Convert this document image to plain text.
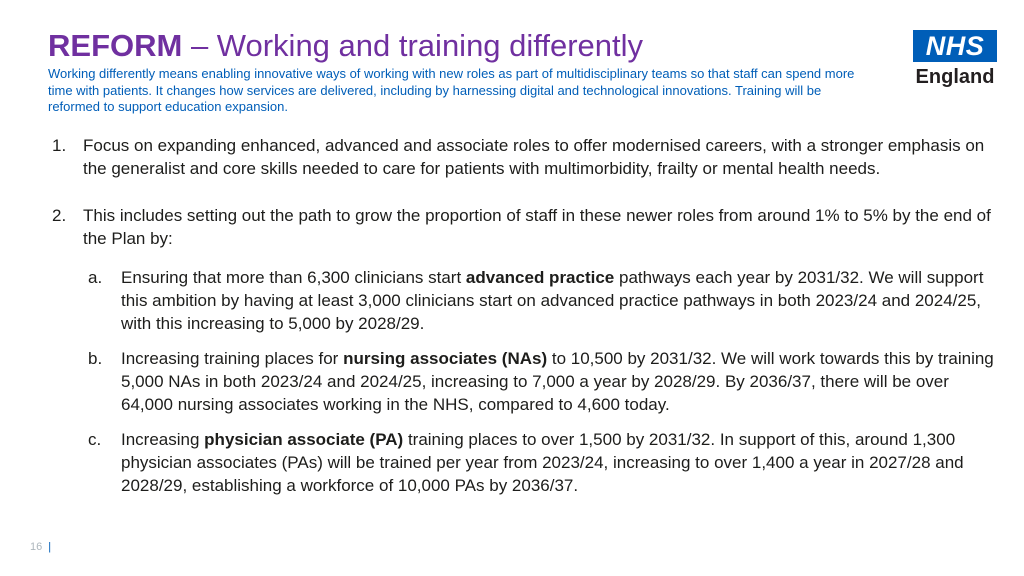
REFORM – Working and training differently

Working differently means enabling innovative ways of working with new roles as part of multidisciplinary teams so that staff can spend more time with patients. It changes how services are delivered, including by harnessing digital and technological innovations. Training will be reformed to support education expansion.

NHS
England
1. Focus on expanding enhanced, advanced and associate roles to offer modernised careers, with a stronger emphasis on the generalist and core skills needed to care for patients with multimorbidity, frailty or mental health needs.
2. This includes setting out the path to grow the proportion of staff in these newer roles from around 1% to 5% by the end of the Plan by:
a.	Ensuring that more than 6,300 clinicians start advanced practice pathways each year by 2031/32. We will support this ambition by having at least 3,000 clinicians start on advanced practice pathways in both 2023/24 and 2024/25, with this increasing to 5,000 by 2028/29.
b.	Increasing training places for nursing associates (NAs) to 10,500 by 2031/32. We will work towards this by training 5,000 NAs in both 2023/24 and 2024/25, increasing to 7,000 a year by 2028/29. By 2036/37, there will be over 64,000 nursing associates working in the NHS, compared to 4,600 today.
c.	Increasing physician associate (PA) training places to over 1,500 by 2031/32. In support of this, around 1,300 physician associates (PAs) will be trained per year from 2023/24, increasing to over 1,400 a year in 2027/28 and 2028/29, establishing a workforce of 10,000 PAs by 2036/37.
16 |
